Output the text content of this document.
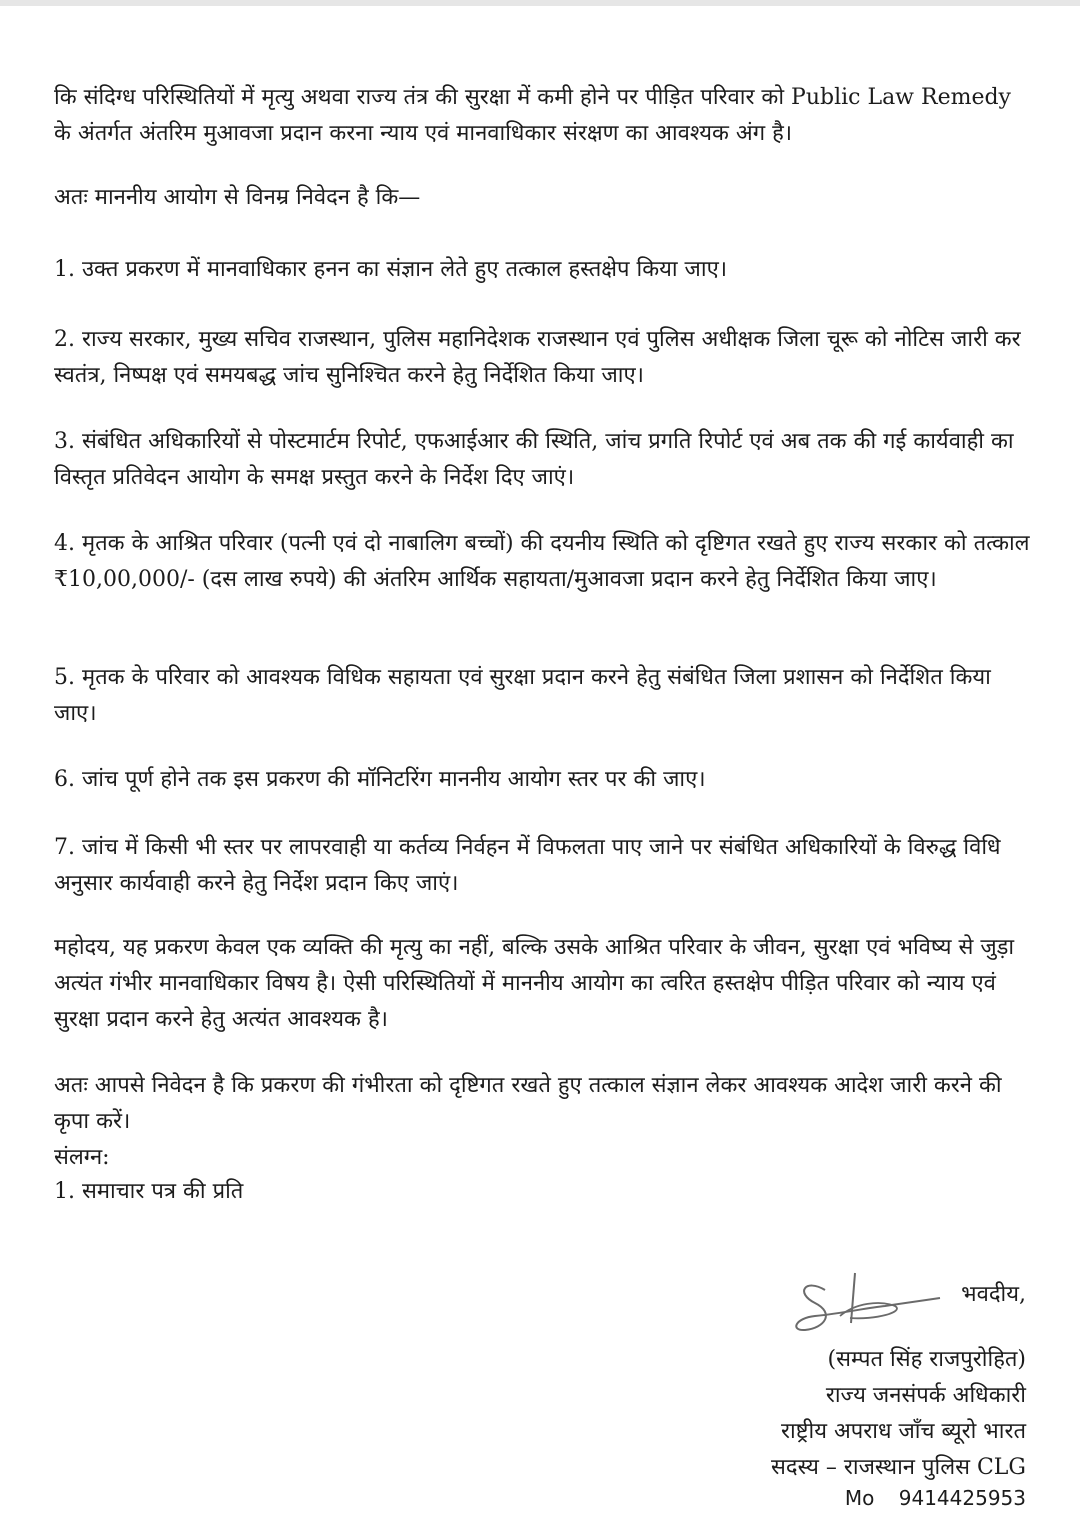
कि संदिग्ध परिस्थितियों में मृत्यु अथवा राज्य तंत्र की सुरक्षा में कमी होने पर पीड़ित परिवार को Public Law Remedy के अंतर्गत अंतरिम मुआवजा प्रदान करना न्याय एवं मानवाधिकार संरक्षण का आवश्यक अंग है।

अतः माननीय आयोग से विनम्र निवेदन है कि—

1. उक्त प्रकरण में मानवाधिकार हनन का संज्ञान लेते हुए तत्काल हस्तक्षेप किया जाए।

2. राज्य सरकार, मुख्य सचिव राजस्थान, पुलिस महानिदेशक राजस्थान एवं पुलिस अधीक्षक जिला चूरू को नोटिस जारी कर स्वतंत्र, निष्पक्ष एवं समयबद्ध जांच सुनिश्चित करने हेतु निर्देशित किया जाए।

3. संबंधित अधिकारियों से पोस्टमार्टम रिपोर्ट, एफआईआर की स्थिति, जांच प्रगति रिपोर्ट एवं अब तक की गई कार्यवाही का विस्तृत प्रतिवेदन आयोग के समक्ष प्रस्तुत करने के निर्देश दिए जाएं।

4. मृतक के आश्रित परिवार (पत्नी एवं दो नाबालिग बच्चों) की दयनीय स्थिति को दृष्टिगत रखते हुए राज्य सरकार को तत्काल ₹10,00,000/- (दस लाख रुपये) की अंतरिम आर्थिक सहायता/मुआवजा प्रदान करने हेतु निर्देशित किया जाए।

5. मृतक के परिवार को आवश्यक विधिक सहायता एवं सुरक्षा प्रदान करने हेतु संबंधित जिला प्रशासन को निर्देशित किया जाए।

6. जांच पूर्ण होने तक इस प्रकरण की मॉनिटरिंग माननीय आयोग स्तर पर की जाए।

7. जांच में किसी भी स्तर पर लापरवाही या कर्तव्य निर्वहन में विफलता पाए जाने पर संबंधित अधिकारियों के विरुद्ध विधि अनुसार कार्यवाही करने हेतु निर्देश प्रदान किए जाएं।

महोदय, यह प्रकरण केवल एक व्यक्ति की मृत्यु का नहीं, बल्कि उसके आश्रित परिवार के जीवन, सुरक्षा एवं भविष्य से जुड़ा अत्यंत गंभीर मानवाधिकार विषय है। ऐसी परिस्थितियों में माननीय आयोग का त्वरित हस्तक्षेप पीड़ित परिवार को न्याय एवं सुरक्षा प्रदान करने हेतु अत्यंत आवश्यक है।

अतः आपसे निवेदन है कि प्रकरण की गंभीरता को दृष्टिगत रखते हुए तत्काल संज्ञान लेकर आवश्यक आदेश जारी करने की कृपा करें।

संलग्न:

1. समाचार पत्र की प्रति

भवदीय,
(सम्पत सिंह राजपुरोहित)
राज्य जनसंपर्क अधिकारी
राष्ट्रीय अपराध जाँच ब्यूरो भारत
सदस्य – राजस्थान पुलिस CLG
Mo 9414425953
